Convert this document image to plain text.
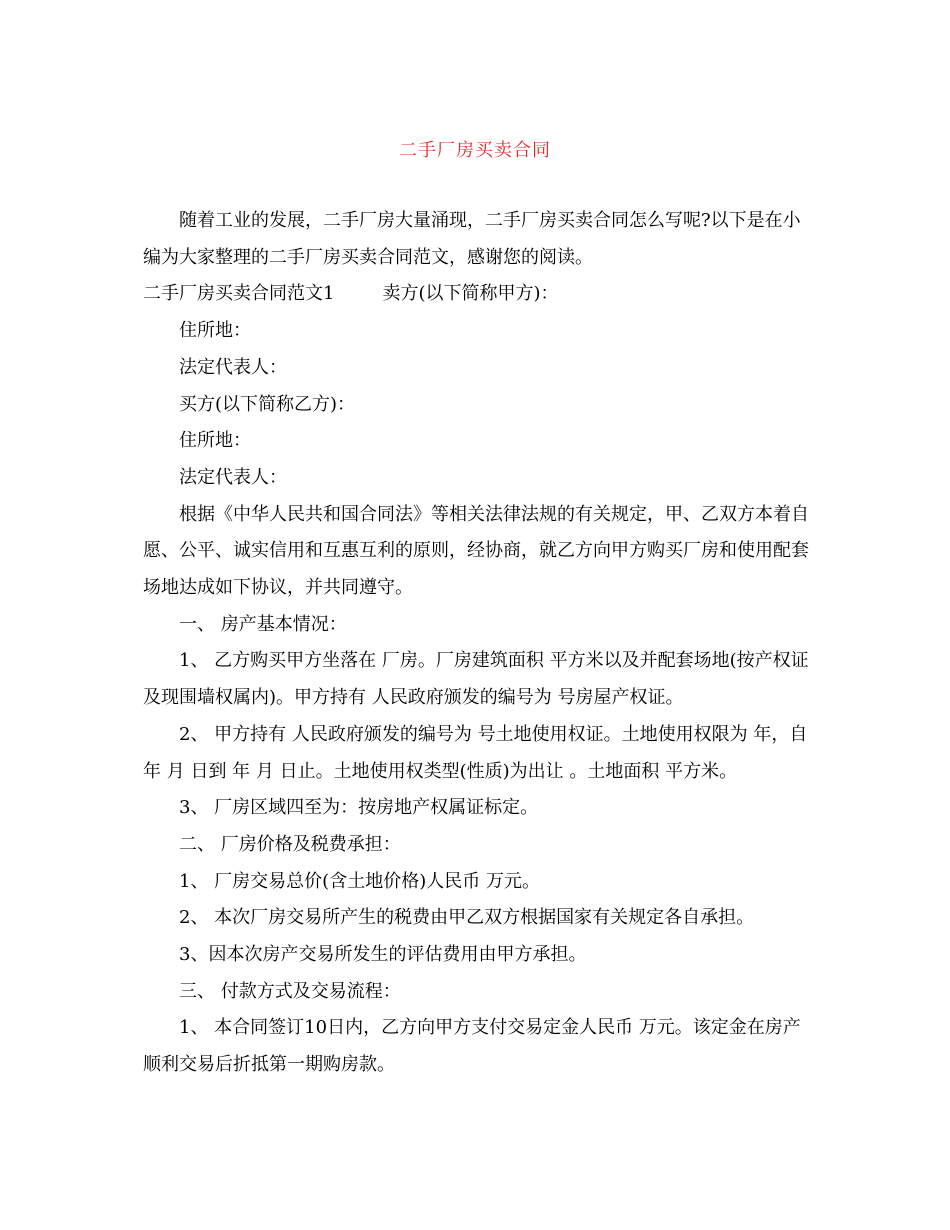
二手厂房买卖合同

随着工业的发展，二手厂房大量涌现，二手厂房买卖合同怎么写呢?以下是在小编为大家整理的二手厂房买卖合同范文，感谢您的阅读。

二手厂房买卖合同范文1	卖方(以下简称甲方)：

住所地：

法定代表人：

买方(以下简称乙方)：

住所地：

法定代表人：

根据《中华人民共和国合同法》等相关法律法规的有关规定，甲、乙双方本着自愿、公平、诚实信用和互惠互利的原则，经协商，就乙方向甲方购买厂房和使用配套场地达成如下协议，并共同遵守。

一、 房产基本情况：

1、 乙方购买甲方坐落在 厂房。厂房建筑面积 平方米以及并配套场地(按产权证及现围墙权属内)。甲方持有 人民政府颁发的编号为 号房屋产权证。

2、 甲方持有 人民政府颁发的编号为 号土地使用权证。土地使用权限为 年，自 年 月 日到 年 月 日止。土地使用权类型(性质)为出让 。土地面积 平方米。

3、 厂房区域四至为：按房地产权属证标定。

二、 厂房价格及税费承担：

1、 厂房交易总价(含土地价格)人民币 万元。

2、 本次厂房交易所产生的税费由甲乙双方根据国家有关规定各自承担。

3、因本次房产交易所发生的评估费用由甲方承担。

三、 付款方式及交易流程：

1、 本合同签订10日内，乙方向甲方支付交易定金人民币 万元。该定金在房产顺利交易后折抵第一期购房款。
